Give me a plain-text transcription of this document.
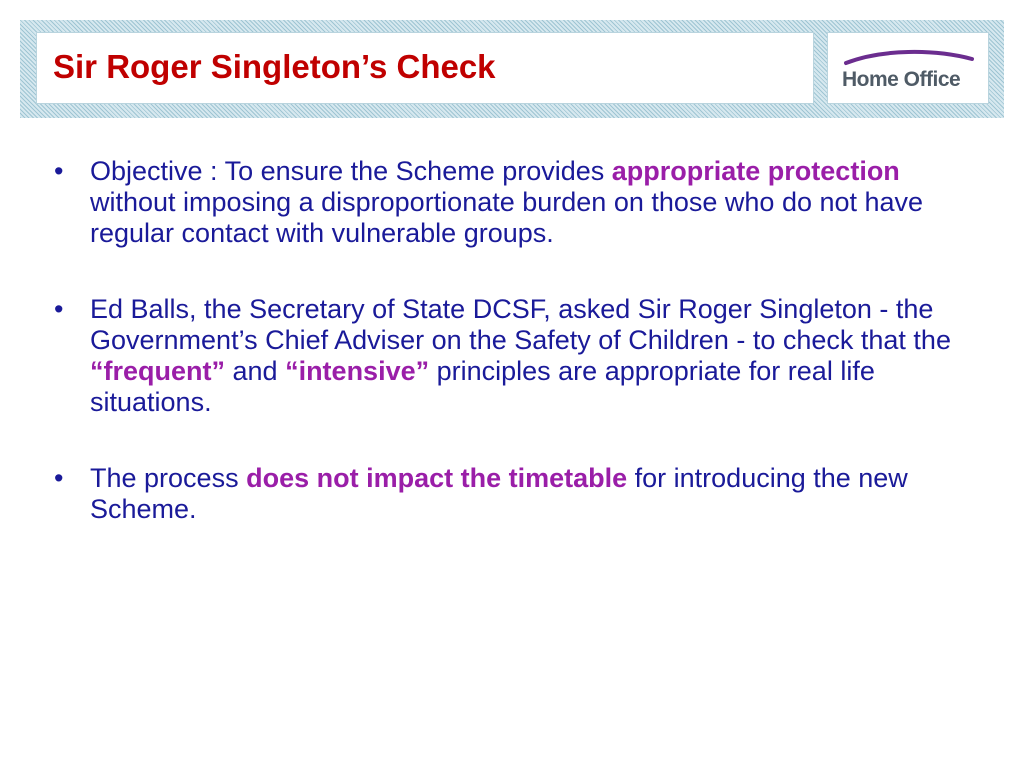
Sir Roger Singleton’s Check	Home Office
• Objective : To ensure the Scheme provides appropriate protection without imposing a disproportionate burden on those who do not have regular contact with vulnerable groups.
• Ed Balls, the Secretary of State DCSF, asked Sir Roger Singleton - the Government’s Chief Adviser on the Safety of Children - to check that the “frequent” and “intensive” principles are appropriate for real life situations.
• The process does not impact the timetable for introducing the new Scheme.
